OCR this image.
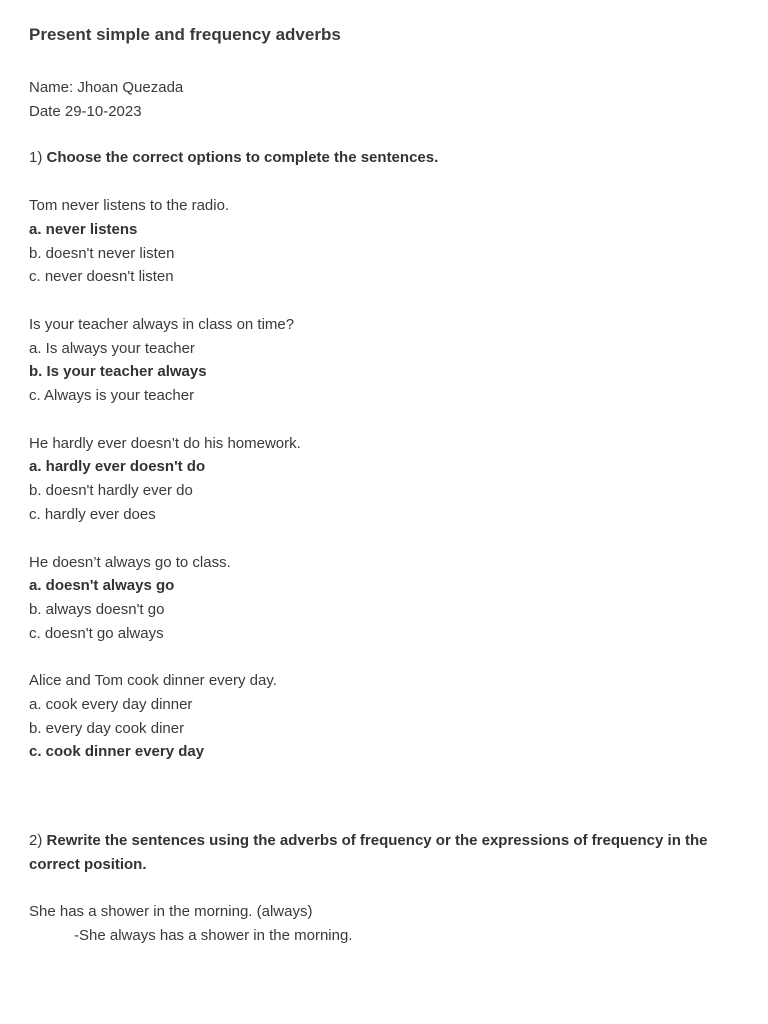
Present simple and frequency adverbs
Name: Jhoan Quezada
Date 29-10-2023
1) Choose the correct options to complete the sentences.
Tom never listens to the radio.
a. never listens
b. doesn't never listen
c. never doesn't listen
Is your teacher always in class on time?
a. Is always your teacher
b. Is your teacher always
c. Always is your teacher
He hardly ever doesn’t do his homework.
a. hardly ever doesn't do
b. doesn't hardly ever do
c. hardly ever does
He doesn’t always go to class.
a. doesn't always go
b. always doesn't go
c. doesn't go always
Alice and Tom cook dinner every day.
a. cook every day dinner
b. every day cook diner
c. cook dinner every day
2) Rewrite the sentences using the adverbs of frequency or the expressions of frequency in the correct position.
She has a shower in the morning. (always)
-She always has a shower in the morning.
